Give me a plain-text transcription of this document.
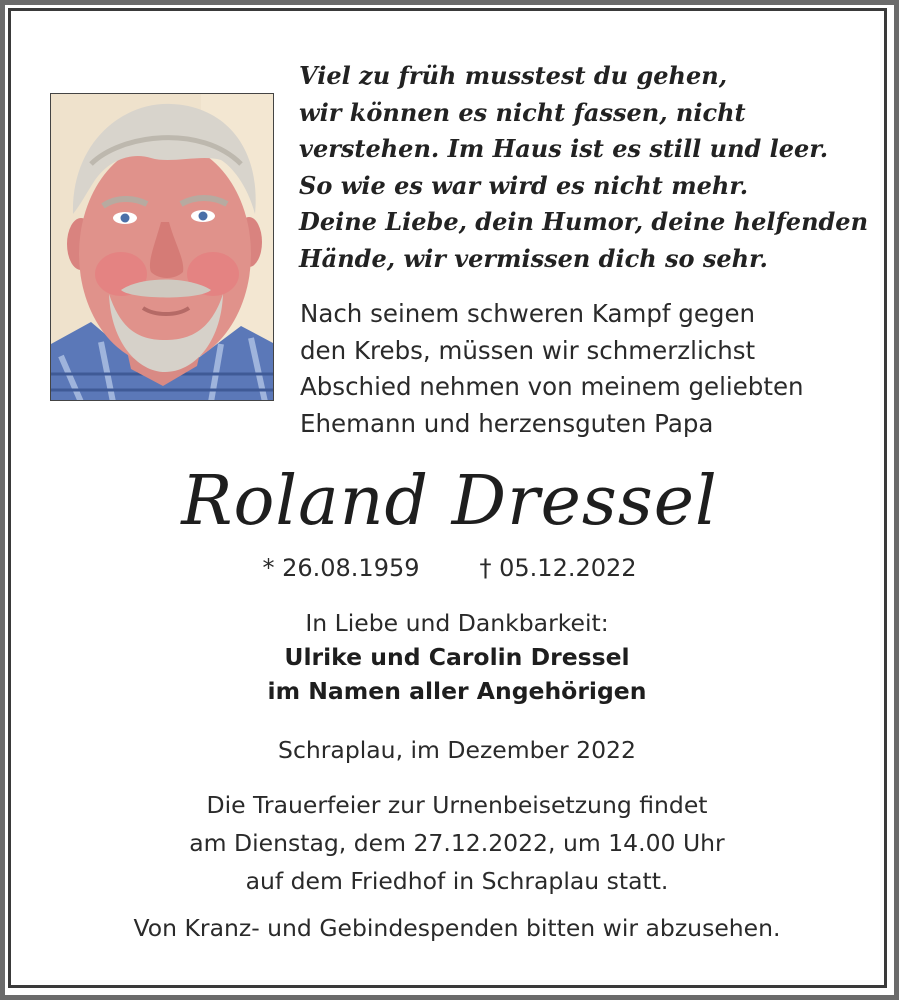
Viel zu früh musstest du gehen,
wir können es nicht fassen, nicht
verstehen. Im Haus ist es still und leer.
So wie es war wird es nicht mehr.
Deine Liebe, dein Humor, deine helfenden
Hände, wir vermissen dich so sehr.
Nach seinem schweren Kampf gegen
den Krebs, müssen wir schmerzlichst
Abschied nehmen von meinem geliebten
Ehemann und herzensguten Papa
Roland Dressel
* 26.08.1959	† 05.12.2022
In Liebe und Dankbarkeit:
Ulrike und Carolin Dressel
im Namen aller Angehörigen
Schraplau, im Dezember 2022
Die Trauerfeier zur Urnenbeisetzung findet
am Dienstag, dem 27.12.2022, um 14.00 Uhr
auf dem Friedhof in Schraplau statt.
Von Kranz- und Gebindespenden bitten wir abzusehen.
